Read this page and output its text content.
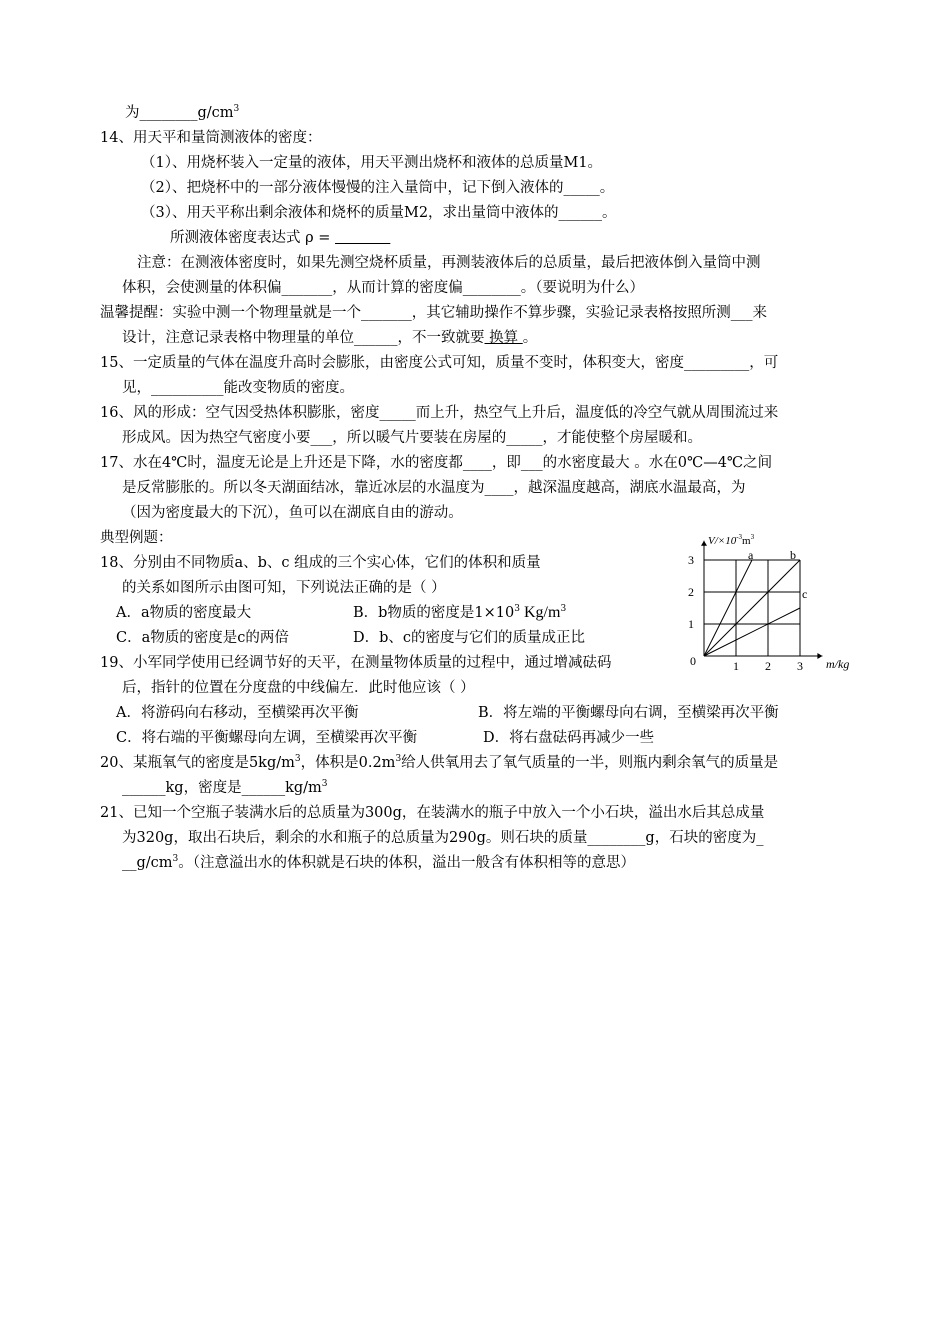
为$\_\_\_\_\_\_\_\_g/cm^3$
14、用天平和量筒测液体的密度：
（1）、用烧杯装入一定量的液体，用天平测出烧杯和液体的总质量M1。
（2）、把烧杯中的一部分液体慢慢的注入量筒中，记下倒入液体的_____。
（3）、用天平称出剩余液体和烧杯的质量M2，求出量筒中液体的______。
所测液体密度表达式 ρ =
注意：在测液体密度时，如果先测空烧杯质量，再测装液体后的总质量，最后把液体倒入量筒中测
体积，会使测量的体积偏_______，从而计算的密度偏________。（要说明为什么）
温馨提醒：实验中测一个物理量就是一个_______，其它辅助操作不算步骤，实验记录表格按照所测___来
设计，注意记录表格中物理量的单位______，不一致就要 换算 。
15、一定质量的气体在温度升高时会膨胀，由密度公式可知，质量不变时，体积变大，密度_________，可
见，__________能改变物质的密度。
16、风的形成：空气因受热体积膨胀，密度_____而上升，热空气上升后，温度低的冷空气就从周围流过来
形成风。因为热空气密度小要___，所以暖气片要装在房屋的_____，才能使整个房屋暖和。
17、水在4℃时，温度无论是上升还是下降，水的密度都____，即___的水密度最大 。水在0℃—4℃之间
是反常膨胀的。所以冬天湖面结冰，靠近冰层的水温度为____，越深温度越高，湖底水温最高，为
（因为密度最大的下沉），鱼可以在湖底自由的游动。
典型例题：
18、分别由不同物质a、b、c 组成的三个实心体，它们的体积和质量
的关系如图所示由图可知，下列说法正确的是（ ）
A．a物质的密度最大	B．b物质的密度是$1\times 10^3$ $Kg/m^3$
C．a物质的密度是c的两倍	D．b、c的密度与它们的质量成正比
19、小军同学使用已经调节好的天平，在测量物体质量的过程中，通过增减砝码
后，指针的位置在分度盘的中线偏左．此时他应该（ ）
A．将游码向右移动，至横梁再次平衡	B．将左端的平衡螺母向右调，至横梁再次平衡
C．将右端的平衡螺母向左调，至横梁再次平衡	D．将右盘砝码再减少一些
20、某瓶氧气的密度是$5kg/m^3$，体积是$0.2m^3$给人供氧用去了氧气质量的一半，则瓶内剩余氧气的质量是
______kg，密度是$\_\_\_\_\_\_kg/m^3$
21、已知一个空瓶子装满水后的总质量为300g，在装满水的瓶子中放入一个小石块，溢出水后其总成量
为320g，取出石块后，剩余的水和瓶子的总质量为290g。则石块的质量________g，石块的密度为_
$\_\_g/cm^3$。（注意溢出水的体积就是石块的体积，溢出一般含有体积相等的意思）
1 2 3
1
2
3	a	b
c
$V/\times 10^{-3}m^3$
m/kg
0
